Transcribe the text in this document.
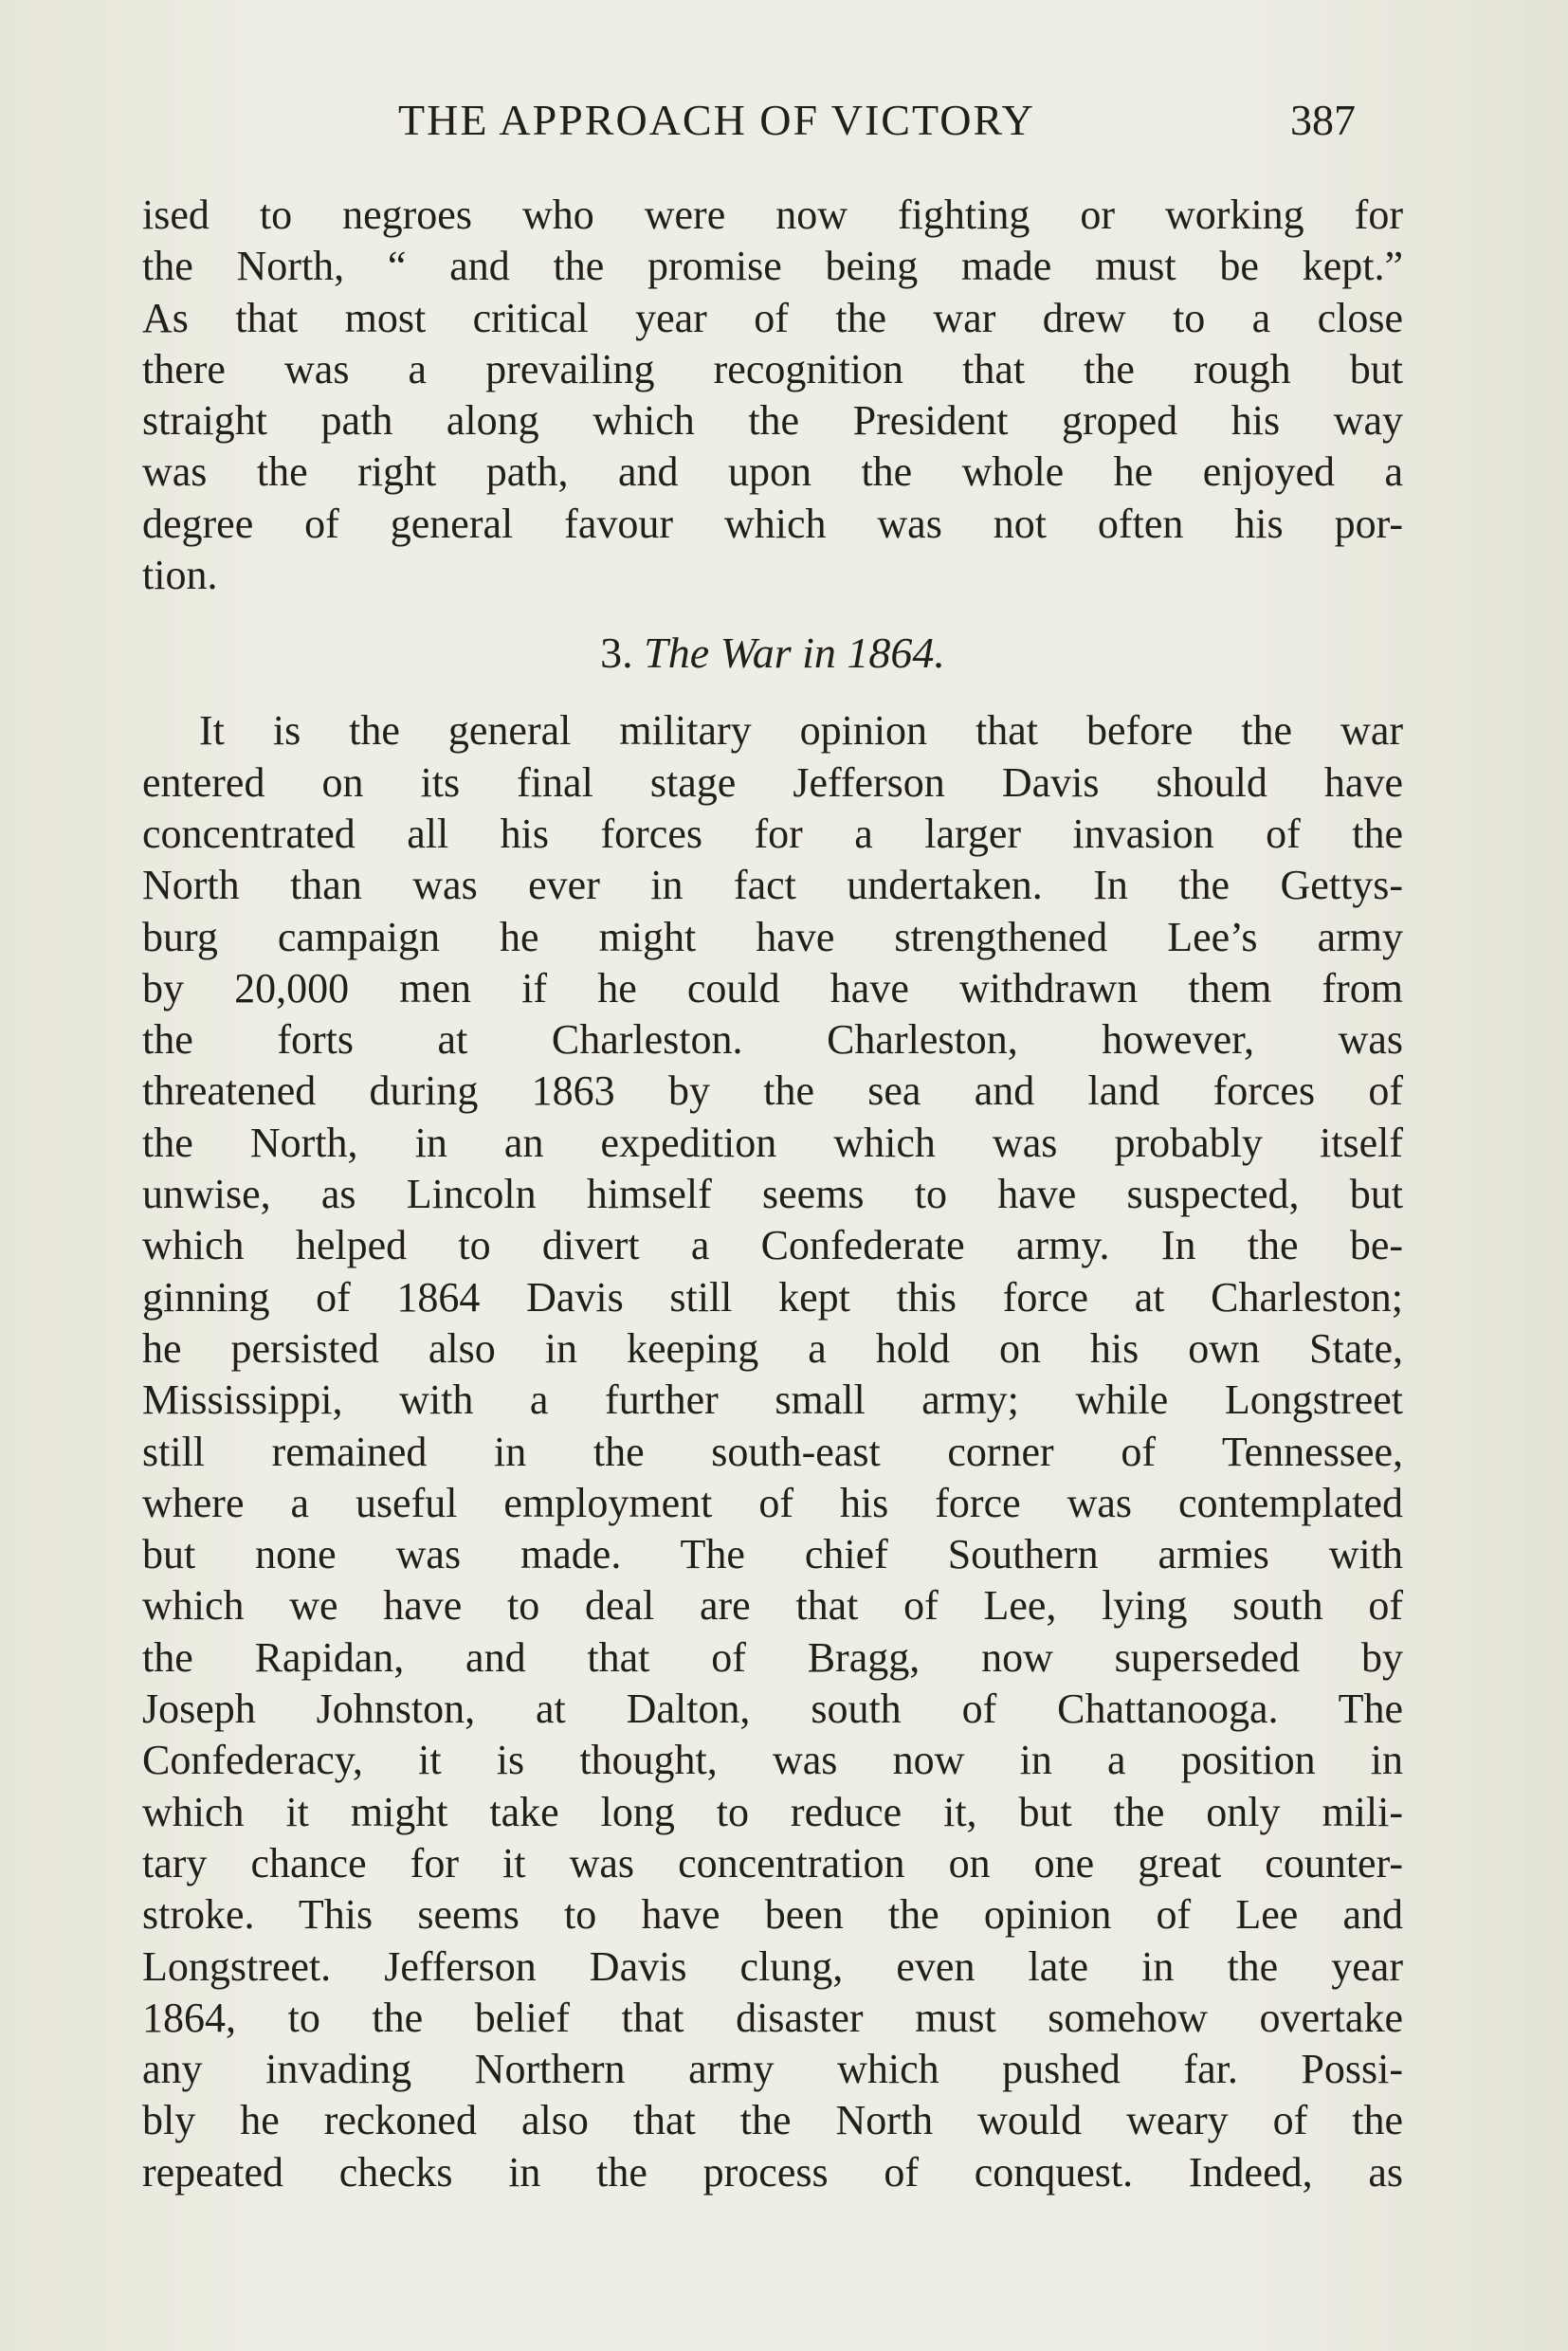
THE APPROACH OF VICTORY	387
ised to negroes who were now fighting or working for
the North, “ and the promise being made must be kept.”
As that most critical year of the war drew to a close
there was a prevailing recognition that the rough but
straight path along which the President groped his way
was the right path, and upon the whole he enjoyed a
degree of general favour which was not often his por-
tion.
3. The War in 1864.
It is the general military opinion that before the war
entered on its final stage Jefferson Davis should have
concentrated all his forces for a larger invasion of the
North than was ever in fact undertaken. In the Gettys-
burg campaign he might have strengthened Lee’s army
by 20,000 men if he could have withdrawn them from
the forts at Charleston. Charleston, however, was
threatened during 1863 by the sea and land forces of
the North, in an expedition which was probably itself
unwise, as Lincoln himself seems to have suspected, but
which helped to divert a Confederate army. In the be-
ginning of 1864 Davis still kept this force at Charleston;
he persisted also in keeping a hold on his own State,
Mississippi, with a further small army; while Longstreet
still remained in the south-east corner of Tennessee,
where a useful employment of his force was contemplated
but none was made. The chief Southern armies with
which we have to deal are that of Lee, lying south of
the Rapidan, and that of Bragg, now superseded by
Joseph Johnston, at Dalton, south of Chattanooga. The
Confederacy, it is thought, was now in a position in
which it might take long to reduce it, but the only mili-
tary chance for it was concentration on one great counter-
stroke. This seems to have been the opinion of Lee and
Longstreet. Jefferson Davis clung, even late in the year
1864, to the belief that disaster must somehow overtake
any invading Northern army which pushed far. Possi-
bly he reckoned also that the North would weary of the
repeated checks in the process of conquest. Indeed, as
